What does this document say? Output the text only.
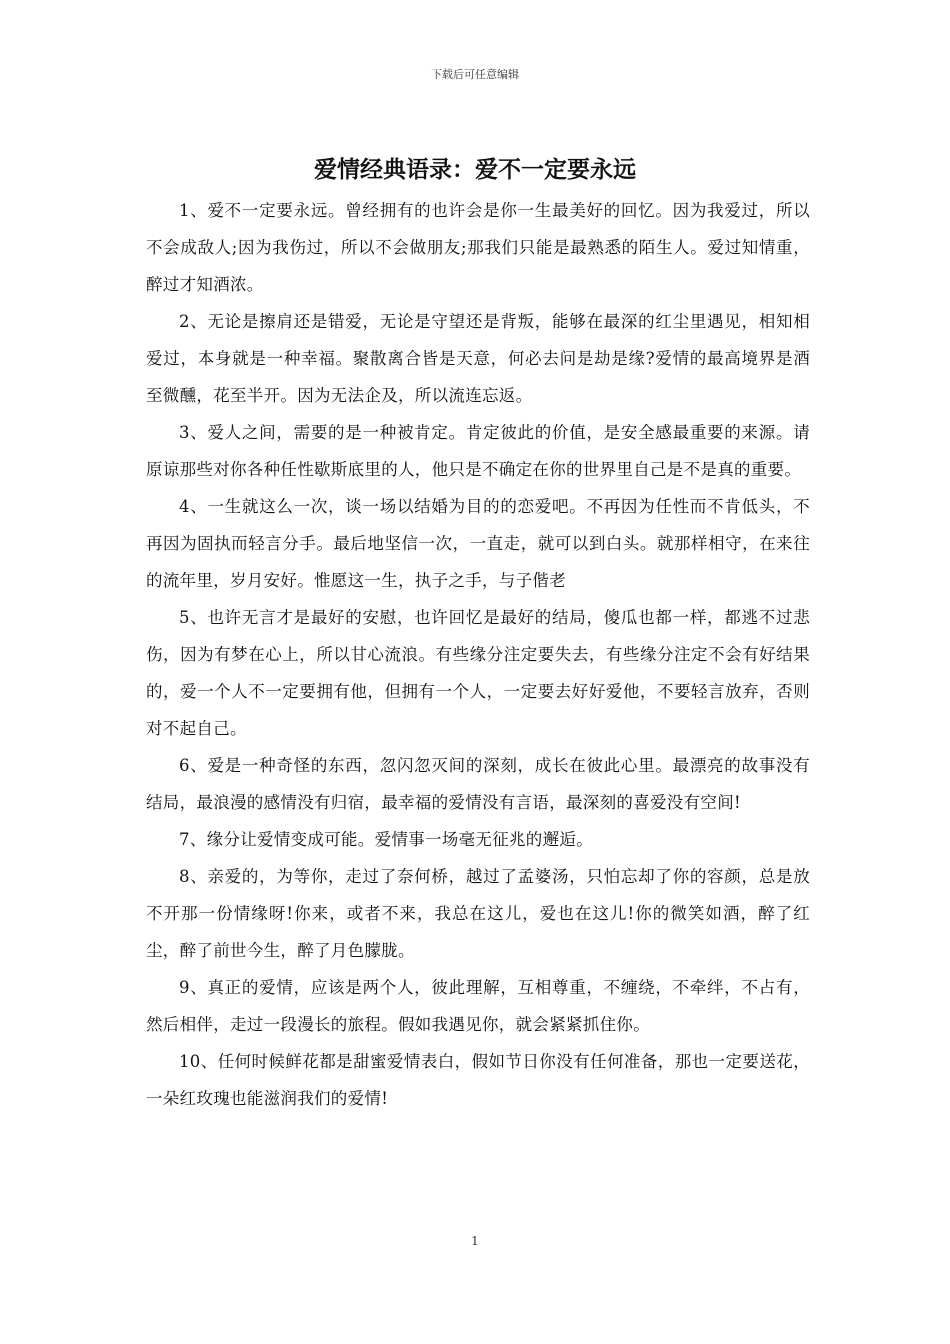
下载后可任意编辑
爱情经典语录：爱不一定要永远

1、爱不一定要永远。曾经拥有的也许会是你一生最美好的回忆。因为我爱过，所以不会成敌人;因为我伤过，所以不会做朋友;那我们只能是最熟悉的陌生人。爱过知情重，醉过才知酒浓。

2、无论是擦肩还是错爱，无论是守望还是背叛，能够在最深的红尘里遇见，相知相爱过，本身就是一种幸福。聚散离合皆是天意，何必去问是劫是缘?爱情的最高境界是酒至微醺，花至半开。因为无法企及，所以流连忘返。

3、爱人之间，需要的是一种被肯定。肯定彼此的价值，是安全感最重要的来源。请原谅那些对你各种任性歇斯底里的人，他只是不确定在你的世界里自己是不是真的重要。

4、一生就这么一次，谈一场以结婚为目的的恋爱吧。不再因为任性而不肯低头，不再因为固执而轻言分手。最后地坚信一次，一直走，就可以到白头。就那样相守，在来往的流年里，岁月安好。惟愿这一生，执子之手，与子偕老

5、也许无言才是最好的安慰，也许回忆是最好的结局，傻瓜也都一样，都逃不过悲伤，因为有梦在心上，所以甘心流浪。有些缘分注定要失去，有些缘分注定不会有好结果的，爱一个人不一定要拥有他，但拥有一个人，一定要去好好爱他，不要轻言放弃，否则对不起自己。

6、爱是一种奇怪的东西，忽闪忽灭间的深刻，成长在彼此心里。最漂亮的故事没有结局，最浪漫的感情没有归宿，最幸福的爱情没有言语，最深刻的喜爱没有空间!

7、缘分让爱情变成可能。爱情事一场毫无征兆的邂逅。

8、亲爱的，为等你，走过了奈何桥，越过了孟婆汤，只怕忘却了你的容颜，总是放不开那一份情缘呀!你来，或者不来，我总在这儿，爱也在这儿!你的微笑如酒，醉了红尘，醉了前世今生，醉了月色朦胧。

9、真正的爱情，应该是两个人，彼此理解，互相尊重，不缠绕，不牵绊，不占有，然后相伴，走过一段漫长的旅程。假如我遇见你，就会紧紧抓住你。

10、任何时候鲜花都是甜蜜爱情表白，假如节日你没有任何准备，那也一定要送花，一朵红玫瑰也能滋润我们的爱情!

1
